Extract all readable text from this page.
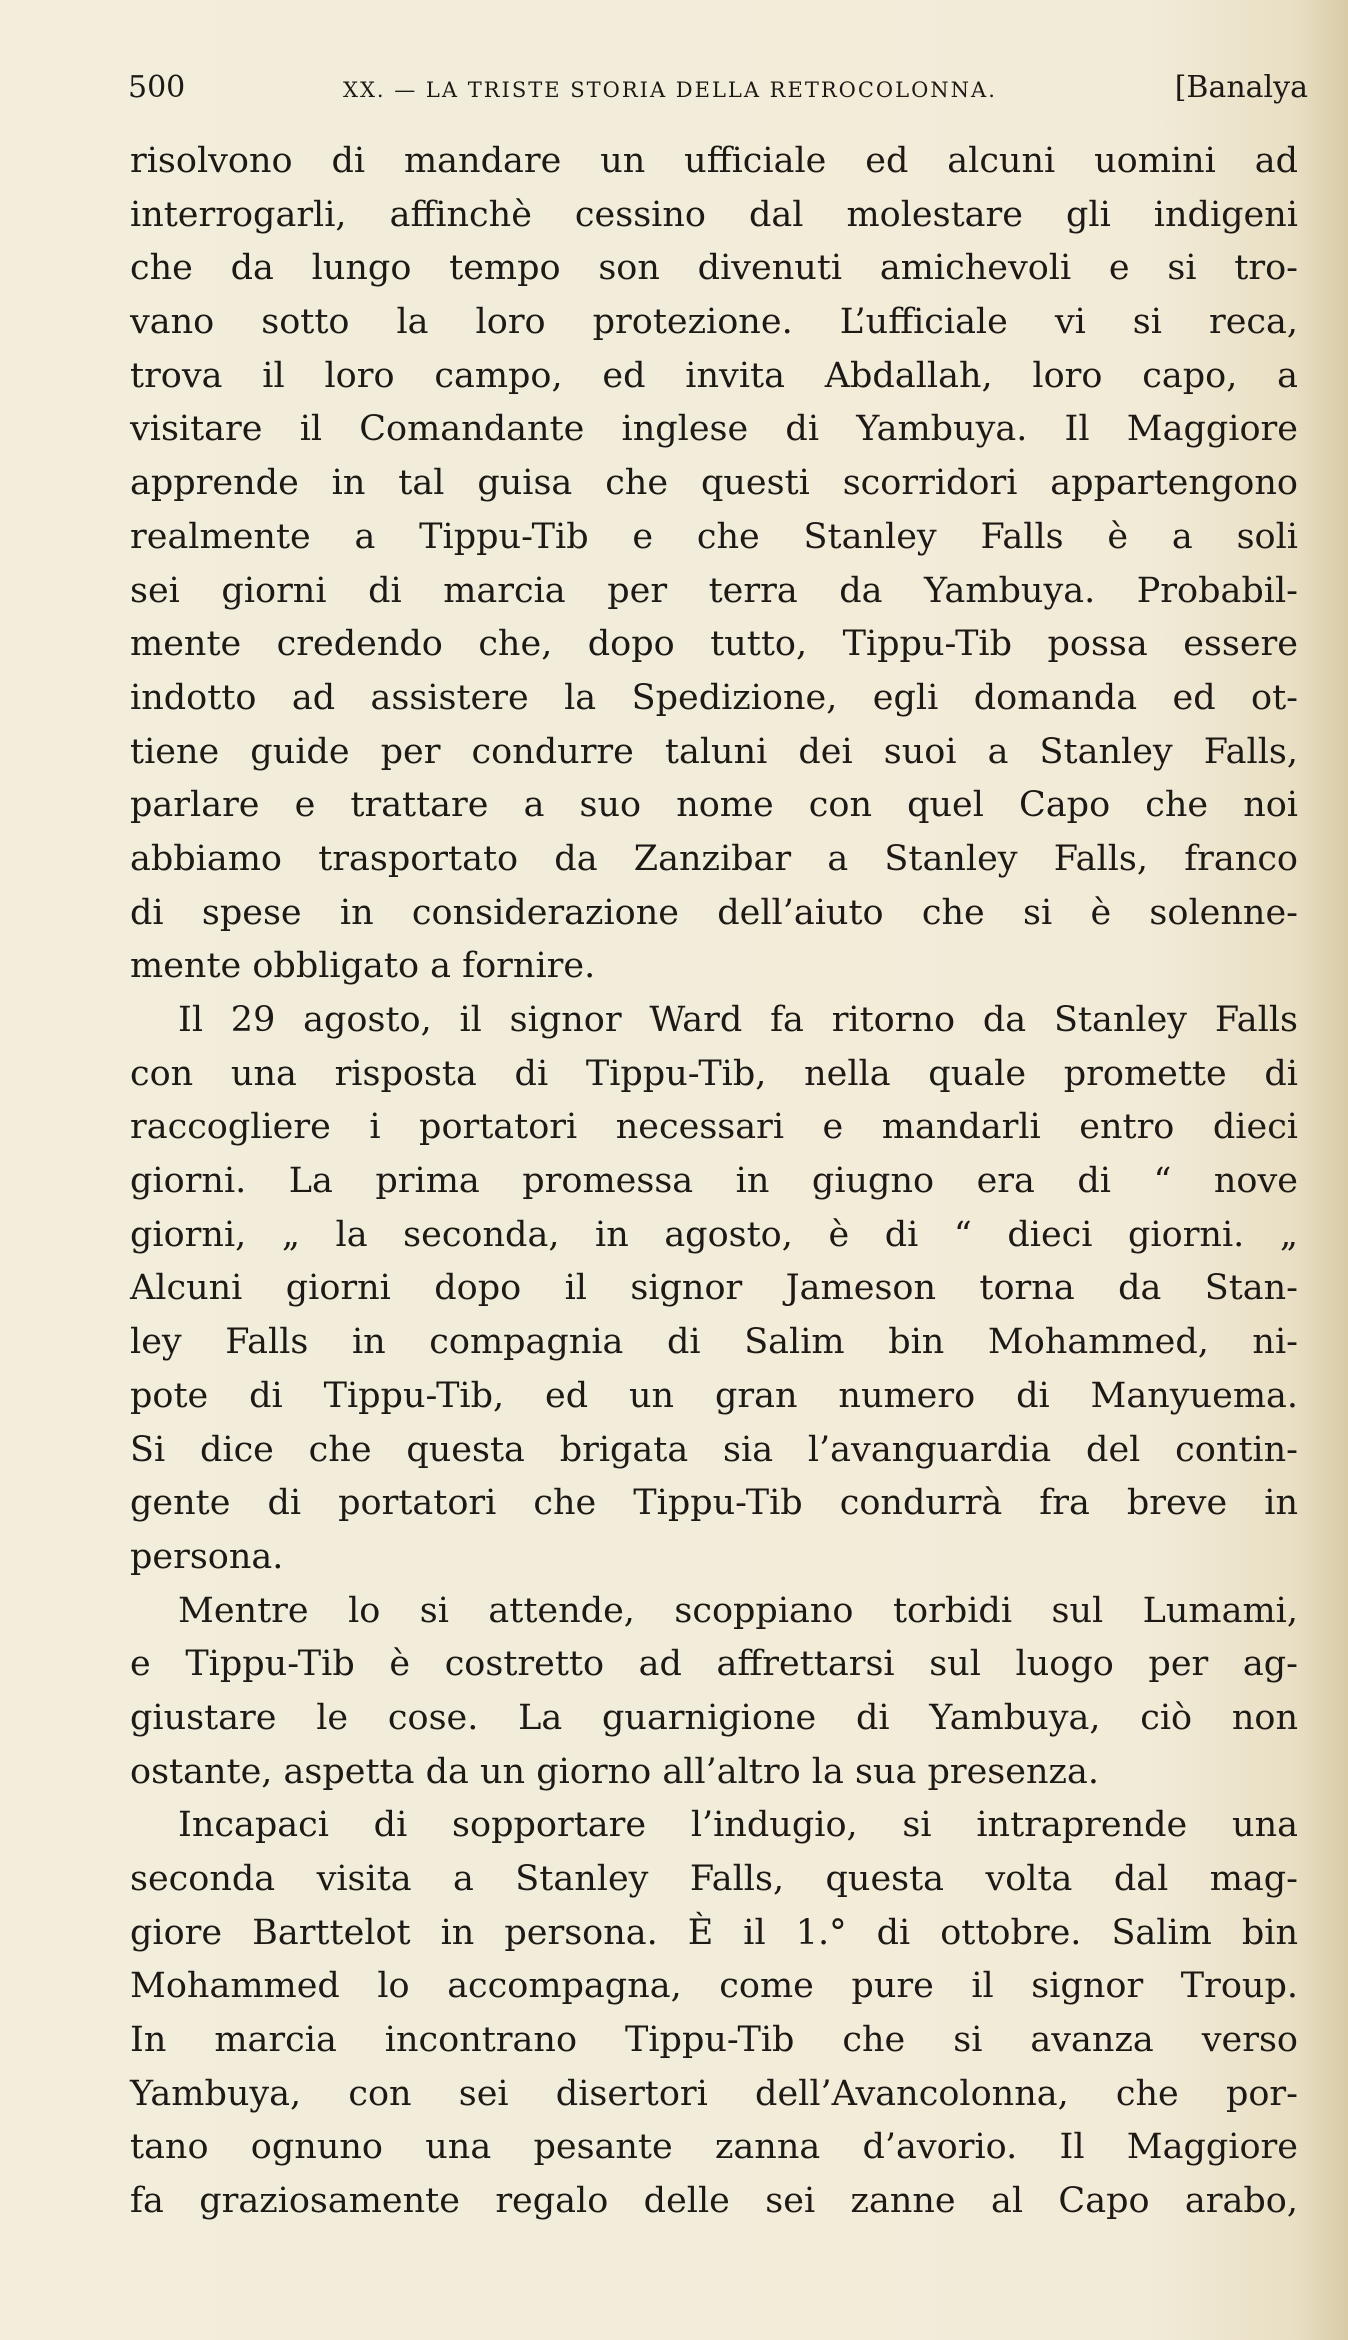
500	XX. — LA TRISTE STORIA DELLA RETROCOLONNA.	[Banalya
risolvono di mandare un ufficiale ed alcuni uomini ad
interrogarli, affinchè cessino dal molestare gli indigeni
che da lungo tempo son divenuti amichevoli e si tro-
vano sotto la loro protezione. L’ufficiale vi si reca,
trova il loro campo, ed invita Abdallah, loro capo, a
visitare il Comandante inglese di Yambuya. Il Maggiore
apprende in tal guisa che questi scorridori appartengono
realmente a Tippu-Tib e che Stanley Falls è a soli
sei giorni di marcia per terra da Yambuya. Probabil-
mente credendo che, dopo tutto, Tippu-Tib possa essere
indotto ad assistere la Spedizione, egli domanda ed ot-
tiene guide per condurre taluni dei suoi a Stanley Falls,
parlare e trattare a suo nome con quel Capo che noi
abbiamo trasportato da Zanzibar a Stanley Falls, franco
di spese in considerazione dell’aiuto che si è solenne-
mente obbligato a fornire.
Il 29 agosto, il signor Ward fa ritorno da Stanley Falls
con una risposta di Tippu-Tib, nella quale promette di
raccogliere i portatori necessari e mandarli entro dieci
giorni. La prima promessa in giugno era di “ nove
giorni, „ la seconda, in agosto, è di “ dieci giorni. „
Alcuni giorni dopo il signor Jameson torna da Stan-
ley Falls in compagnia di Salim bin Mohammed, ni-
pote di Tippu-Tib, ed un gran numero di Manyuema.
Si dice che questa brigata sia l’avanguardia del contin-
gente di portatori che Tippu-Tib condurrà fra breve in
persona.
Mentre lo si attende, scoppiano torbidi sul Lumami,
e Tippu-Tib è costretto ad affrettarsi sul luogo per ag-
giustare le cose. La guarnigione di Yambuya, ciò non
ostante, aspetta da un giorno all’altro la sua presenza.
Incapaci di sopportare l’indugio, si intraprende una
seconda visita a Stanley Falls, questa volta dal mag-
giore Barttelot in persona. È il 1.° di ottobre. Salim bin
Mohammed lo accompagna, come pure il signor Troup.
In marcia incontrano Tippu-Tib che si avanza verso
Yambuya, con sei disertori dell’Avancolonna, che por-
tano ognuno una pesante zanna d’avorio. Il Maggiore
fa graziosamente regalo delle sei zanne al Capo arabo,
